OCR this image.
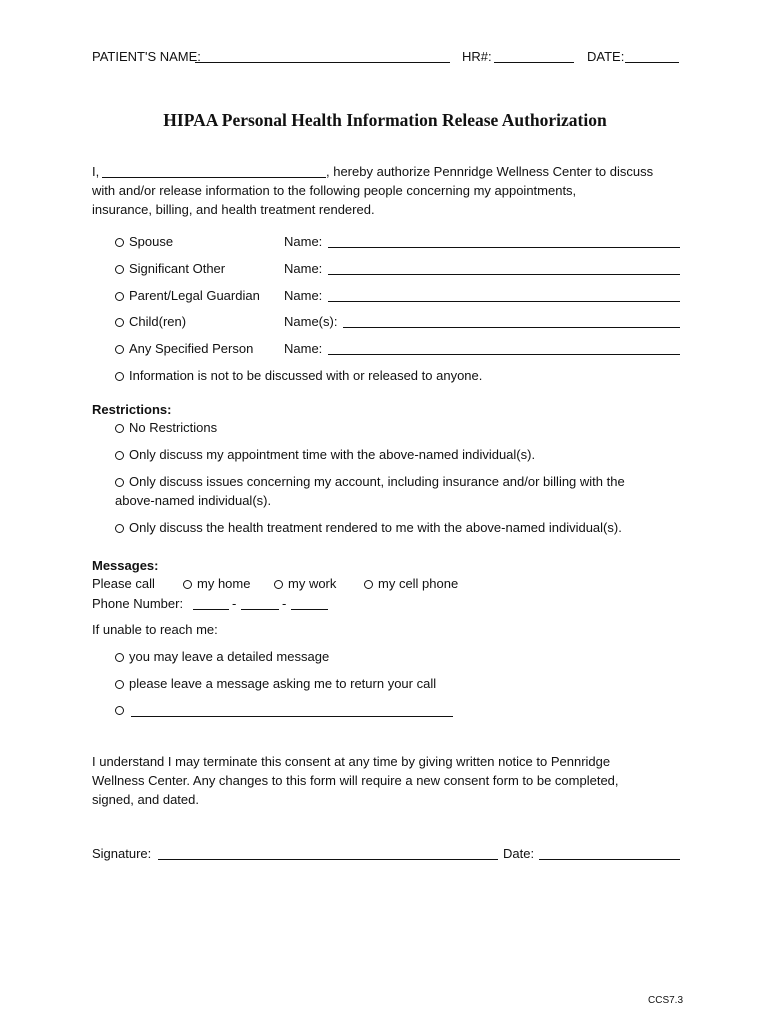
PATIENT'S NAME:	HR#:	DATE:
HIPAA Personal Health Information Release Authorization
I,	, hereby authorize Pennridge Wellness Center to discuss
with and/or release information to the following people concerning my appointments,
insurance, billing, and health treatment rendered.
Spouse	Name:
Significant Other	Name:
Parent/Legal Guardian Name:
Child(ren)	Name(s):
Any Specified Person Name:
Information is not to be discussed with or released to anyone.
Restrictions:
No Restrictions
Only discuss my appointment time with the above-named individual(s).
Only discuss issues concerning my account, including insurance and/or billing with the
above-named individual(s).
Only discuss the health treatment rendered to me with the above-named individual(s).
Messages:
Please call	my home	my work	my cell phone
Phone Number:	-	-
If unable to reach me:
you may leave a detailed message
please leave a message asking me to return your call
I understand I may terminate this consent at any time by giving written notice to Pennridge
Wellness Center. Any changes to this form will require a new consent form to be completed,
signed, and dated.
Signature:	Date:
CCS7.3
